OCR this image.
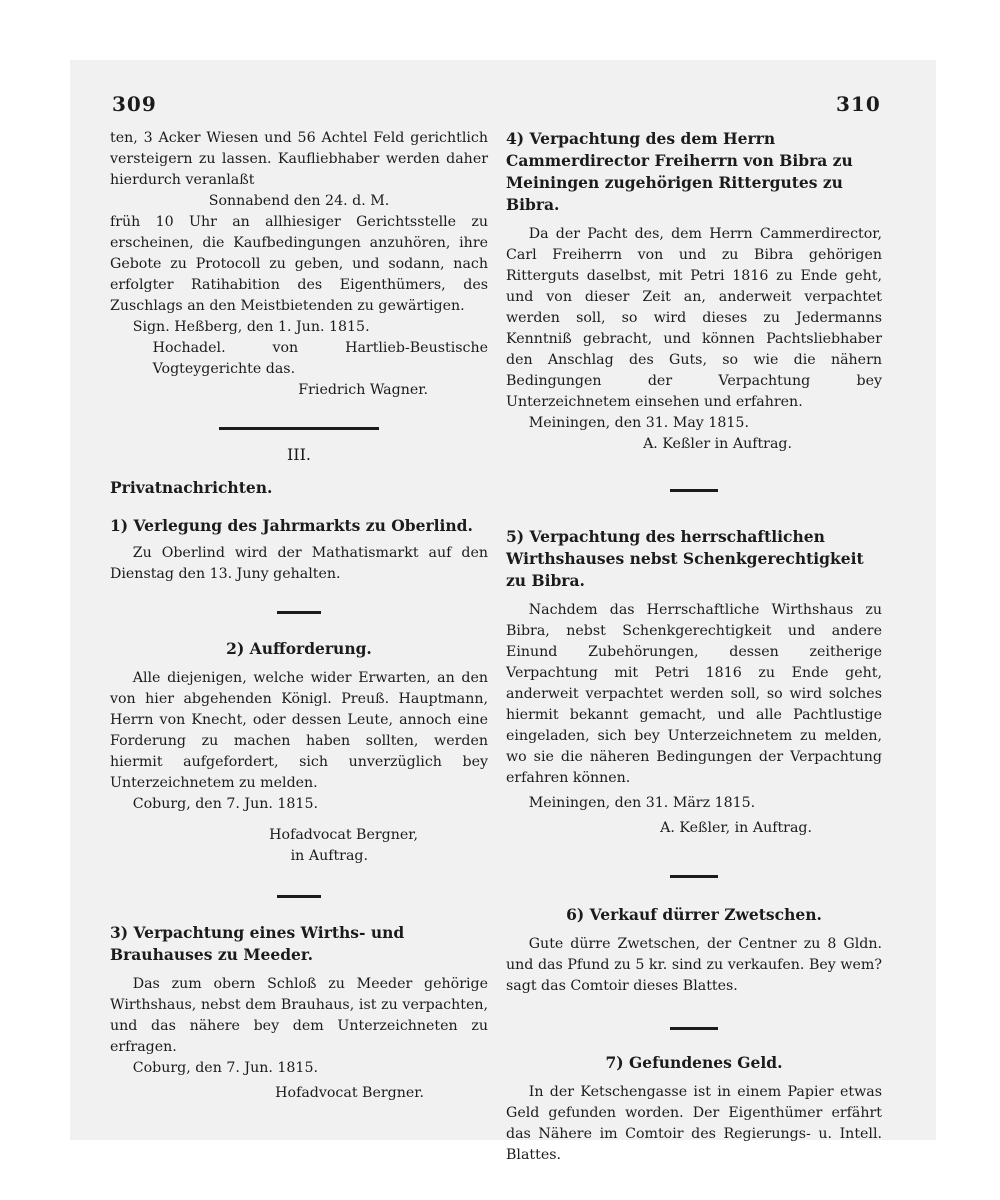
309	310

ten, 3 Acker Wiesen und 56 Achtel Feld gerichtlich versteigern zu lassen. Kaufliebhaber werden daher hierdurch veranlaßt

Sonnabend den 24. d. M.

früh 10 Uhr an allhiesiger Gerichtsstelle zu erscheinen, die Kaufbedingungen anzuhören, ihre Gebote zu Protocoll zu geben, und sodann, nach erfolgter Ratihabition des Eigenthümers, des Zuschlags an den Meistbietenden zu gewärtigen.

Sign. Heßberg, den 1. Jun. 1815.

Hochadel. von Hartlieb-Beustische Vogteygerichte das.

Friedrich Wagner.

III.

Privatnachrichten.

1) Verlegung des Jahrmarkts zu Oberlind.

Zu Oberlind wird der Mathatismarkt auf den Dienstag den 13. Juny gehalten.

2) Aufforderung.

Alle diejenigen, welche wider Erwarten, an den von hier abgehenden Königl. Preuß. Hauptmann, Herrn von Knecht, oder dessen Leute, annoch eine Forderung zu machen haben sollten, werden hiermit aufgefordert, sich unverzüglich bey Unterzeichnetem zu melden.

Coburg, den 7. Jun. 1815.

Hofadvocat Bergner,

in Auftrag.

3) Verpachtung eines Wirths- und Brauhauses zu Meeder.

Das zum obern Schloß zu Meeder gehörige Wirthshaus, nebst dem Brauhaus, ist zu verpachten, und das nähere bey dem Unterzeichneten zu erfragen.

Coburg, den 7. Jun. 1815.

Hofadvocat Bergner.

4) Verpachtung des dem Herrn Cammerdirector Freiherrn von Bibra zu Meiningen zugehörigen Rittergutes zu Bibra.

Da der Pacht des, dem Herrn Cammerdirector, Carl Freiherrn von und zu Bibra gehörigen Ritterguts daselbst, mit Petri 1816 zu Ende geht, und von dieser Zeit an, anderweit verpachtet werden soll, so wird dieses zu Jedermanns Kenntniß gebracht, und können Pachtsliebhaber den Anschlag des Guts, so wie die nähern Bedingungen der Verpachtung bey Unterzeichnetem einsehen und erfahren.

Meiningen, den 31. May 1815.

A. Keßler in Auftrag.

5) Verpachtung des herrschaftlichen Wirthshauses nebst Schenkgerechtigkeit zu Bibra.

Nachdem das Herrschaftliche Wirthshaus zu Bibra, nebst Schenkgerechtigkeit und andere Einund Zubehörungen, dessen zeitherige Verpachtung mit Petri 1816 zu Ende geht, anderweit verpachtet werden soll, so wird solches hiermit bekannt gemacht, und alle Pachtlustige eingeladen, sich bey Unterzeichnetem zu melden, wo sie die näheren Bedingungen der Verpachtung erfahren können.

Meiningen, den 31. März 1815.

A. Keßler, in Auftrag.

6) Verkauf dürrer Zwetschen.

Gute dürre Zwetschen, der Centner zu 8 Gldn. und das Pfund zu 5 kr. sind zu verkaufen. Bey wem? sagt das Comtoir dieses Blattes.

7) Gefundenes Geld.

In der Ketschengasse ist in einem Papier etwas Geld gefunden worden. Der Eigenthümer erfährt das Nähere im Comtoir des Regierungs- u. Intell. Blattes.
